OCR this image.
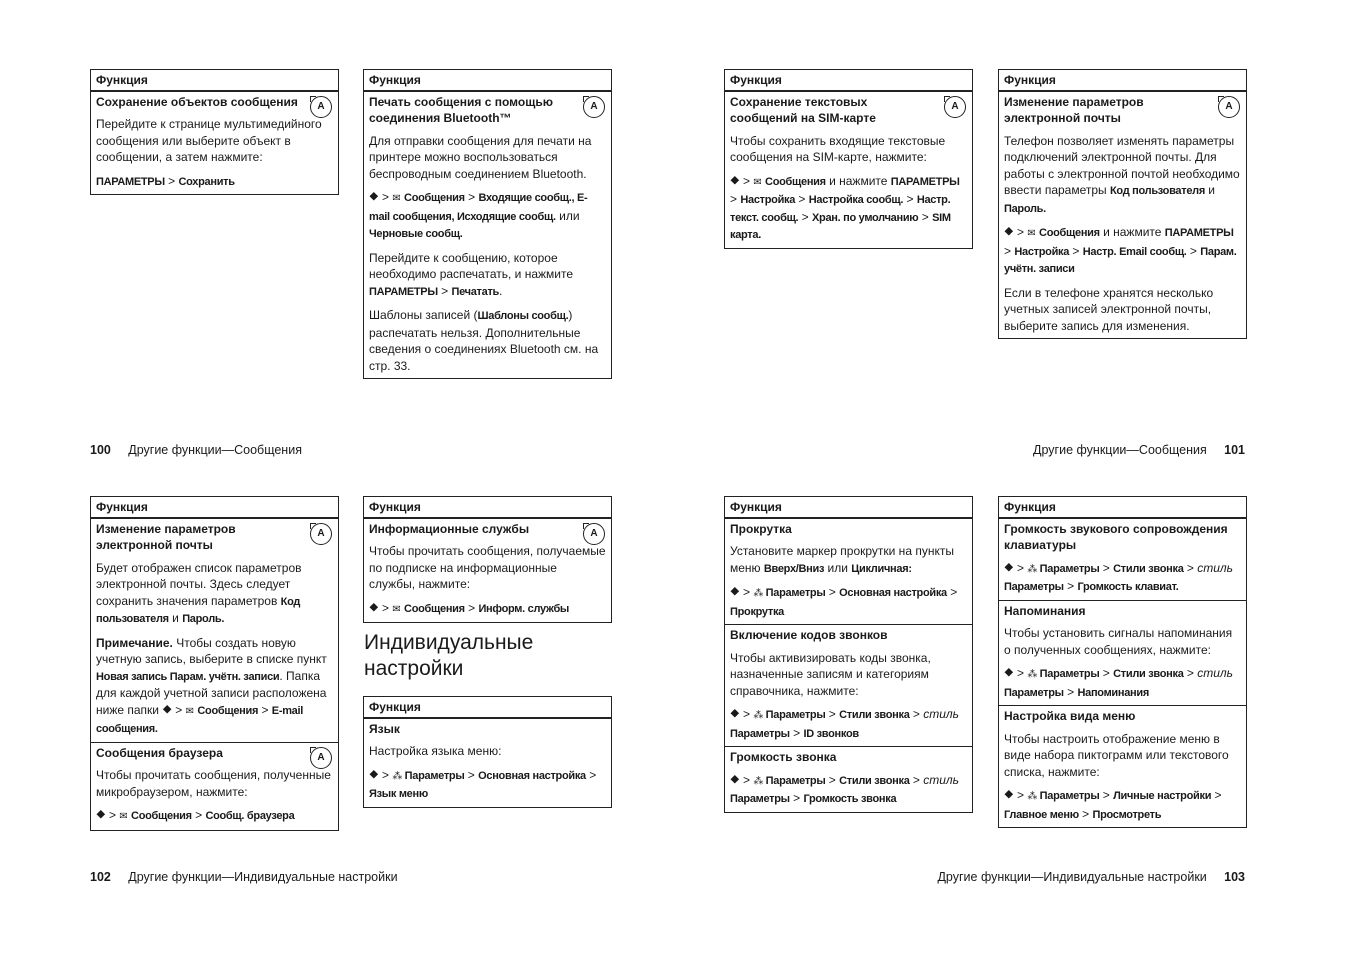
Функция
A
Сохранение объектов сообщения
Перейдите к странице мультимедийного сообщения или выберите объект в сообщении, а затем нажмите:
ПАРАМЕТРЫ > Сохранить
Функция
A
Печать сообщения с помощью соединения Bluetooth™
Для отправки сообщения для печати на принтере можно воспользоваться беспроводным соединением Bluetooth.
⯁ > ✉ Сообщения > Входящие сообщ., E-mail сообщения, Исходящие сообщ. или Черновые сообщ.
Перейдите к сообщению, которое необходимо распечатать, и нажмите ПАРАМЕТРЫ > Печатать.
Шаблоны записей (Шаблоны сообщ.) распечатать нельзя. Дополнительные сведения о соединениях Bluetooth см. на стр. 33.
100 Другие функции—Сообщения
Функция
A
Сохранение текстовых сообщений на SIM-карте
Чтобы сохранить входящие текстовые сообщения на SIM-карте, нажмите:
⯁ > ✉ Сообщения и нажмите ПАРАМЕТРЫ > Настройка > Настройка сообщ. > Настр. текст. сообщ. > Хран. по умолчанию > SIM карта.
Функция
A
Изменение параметров электронной почты
Телефон позволяет изменять параметры подключений электронной почты. Для работы с электронной почтой необходимо ввести параметры Код пользователя и Пароль.
⯁ > ✉ Сообщения и нажмите ПАРАМЕТРЫ > Настройка > Настр. Email сообщ. > Парам. учётн. записи
Если в телефоне хранятся несколько учетных записей электронной почты, выберите запись для изменения.
Другие функции—Сообщения 101
Функция
A
Изменение параметров электронной почты
Будет отображен список параметров электронной почты. Здесь следует сохранить значения параметров Код пользователя и Пароль.
Примечание. Чтобы создать новую учетную запись, выберите в списке пункт Новая запись Парам. учётн. записи. Папка для каждой учетной записи расположена ниже папки ⯁ > ✉ Сообщения > E-mail сообщения.
A
Сообщения браузера
Чтобы прочитать сообщения, полученные микробраузером, нажмите:
⯁ > ✉ Сообщения > Сообщ. браузера
Функция
A
Информационные службы
Чтобы прочитать сообщения, получаемые по подписке на информационные службы, нажмите:
⯁ > ✉ Сообщения > Информ. службы
Индивидуальные настройки
Функция
Язык
Настройка языка меню:
⯁ > ⁂ Параметры > Основная настройка > Язык меню
102 Другие функции—Индивидуальные настройки
Функция
Прокрутка
Установите маркер прокрутки на пункты меню Вверх/Вниз или Цикличная:
⯁ > ⁂ Параметры > Основная настройка > Прокрутка
Включение кодов звонков
Чтобы активизировать коды звонка, назначенные записям и категориям справочника, нажмите:
⯁ > ⁂ Параметры > Стили звонка > стиль Параметры > ID звонков
Громкость звонка
⯁ > ⁂ Параметры > Стили звонка > стиль Параметры > Громкость звонка
Функция
Громкость звукового сопровождения клавиатуры
⯁ > ⁂ Параметры > Стили звонка > стиль Параметры > Громкость клавиат.
Напоминания
Чтобы установить сигналы напоминания о полученных сообщениях, нажмите:
⯁ > ⁂ Параметры > Стили звонка > стиль Параметры > Напоминания
Настройка вида меню
Чтобы настроить отображение меню в виде набора пиктограмм или текстового списка, нажмите:
⯁ > ⁂ Параметры > Личные настройки > Главное меню > Просмотреть
Другие функции—Индивидуальные настройки 103
